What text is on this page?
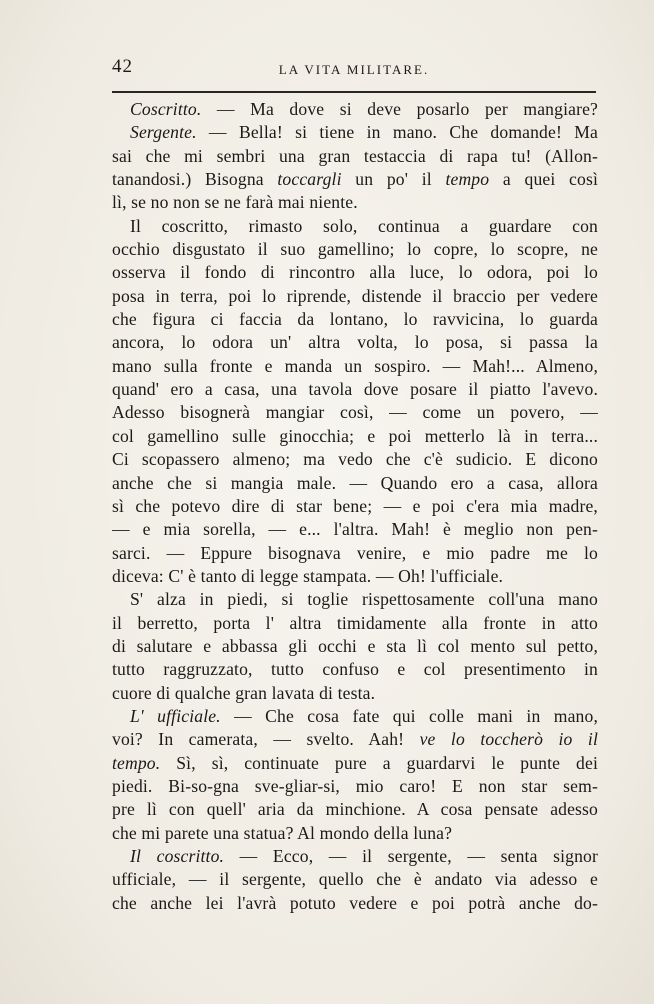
42	LA VITA MILITARE.
Coscritto. — Ma dove si deve posarlo per mangiare?
Sergente. — Bella! si tiene in mano. Che domande! Ma
sai che mi sembri una gran testaccia di rapa tu! (Allon-
tanandosi.) Bisogna toccargli un po' il tempo a quei così
lì, se no non se ne farà mai niente.
Il coscritto, rimasto solo, continua a guardare con
occhio disgustato il suo gamellino; lo copre, lo scopre, ne
osserva il fondo di rincontro alla luce, lo odora, poi lo
posa in terra, poi lo riprende, distende il braccio per vedere
che figura ci faccia da lontano, lo ravvicina, lo guarda
ancora, lo odora un' altra volta, lo posa, si passa la
mano sulla fronte e manda un sospiro. — Mah!... Almeno,
quand' ero a casa, una tavola dove posare il piatto l'avevo.
Adesso bisognerà mangiar così, — come un povero, —
col gamellino sulle ginocchia; e poi metterlo là in terra...
Ci scopassero almeno; ma vedo che c'è sudicio. E dicono
anche che si mangia male. — Quando ero a casa, allora
sì che potevo dire di star bene; — e poi c'era mia madre,
— e mia sorella, — e... l'altra. Mah! è meglio non pen-
sarci. — Eppure bisognava venire, e mio padre me lo
diceva: C' è tanto di legge stampata. — Oh! l'ufficiale.
S' alza in piedi, si toglie rispettosamente coll'una mano
il berretto, porta l' altra timidamente alla fronte in atto
di salutare e abbassa gli occhi e sta lì col mento sul petto,
tutto raggruzzato, tutto confuso e col presentimento in
cuore di qualche gran lavata di testa.
L' ufficiale. — Che cosa fate qui colle mani in mano,
voi? In camerata, — svelto. Aah! ve lo toccherò io il
tempo. Sì, sì, continuate pure a guardarvi le punte dei
piedi. Bi-so-gna sve-gliar-si, mio caro! E non star sem-
pre lì con quell' aria da minchione. A cosa pensate adesso
che mi parete una statua? Al mondo della luna?
Il coscritto. — Ecco, — il sergente, — senta signor
ufficiale, — il sergente, quello che è andato via adesso e
che anche lei l'avrà potuto vedere e poi potrà anche do-
